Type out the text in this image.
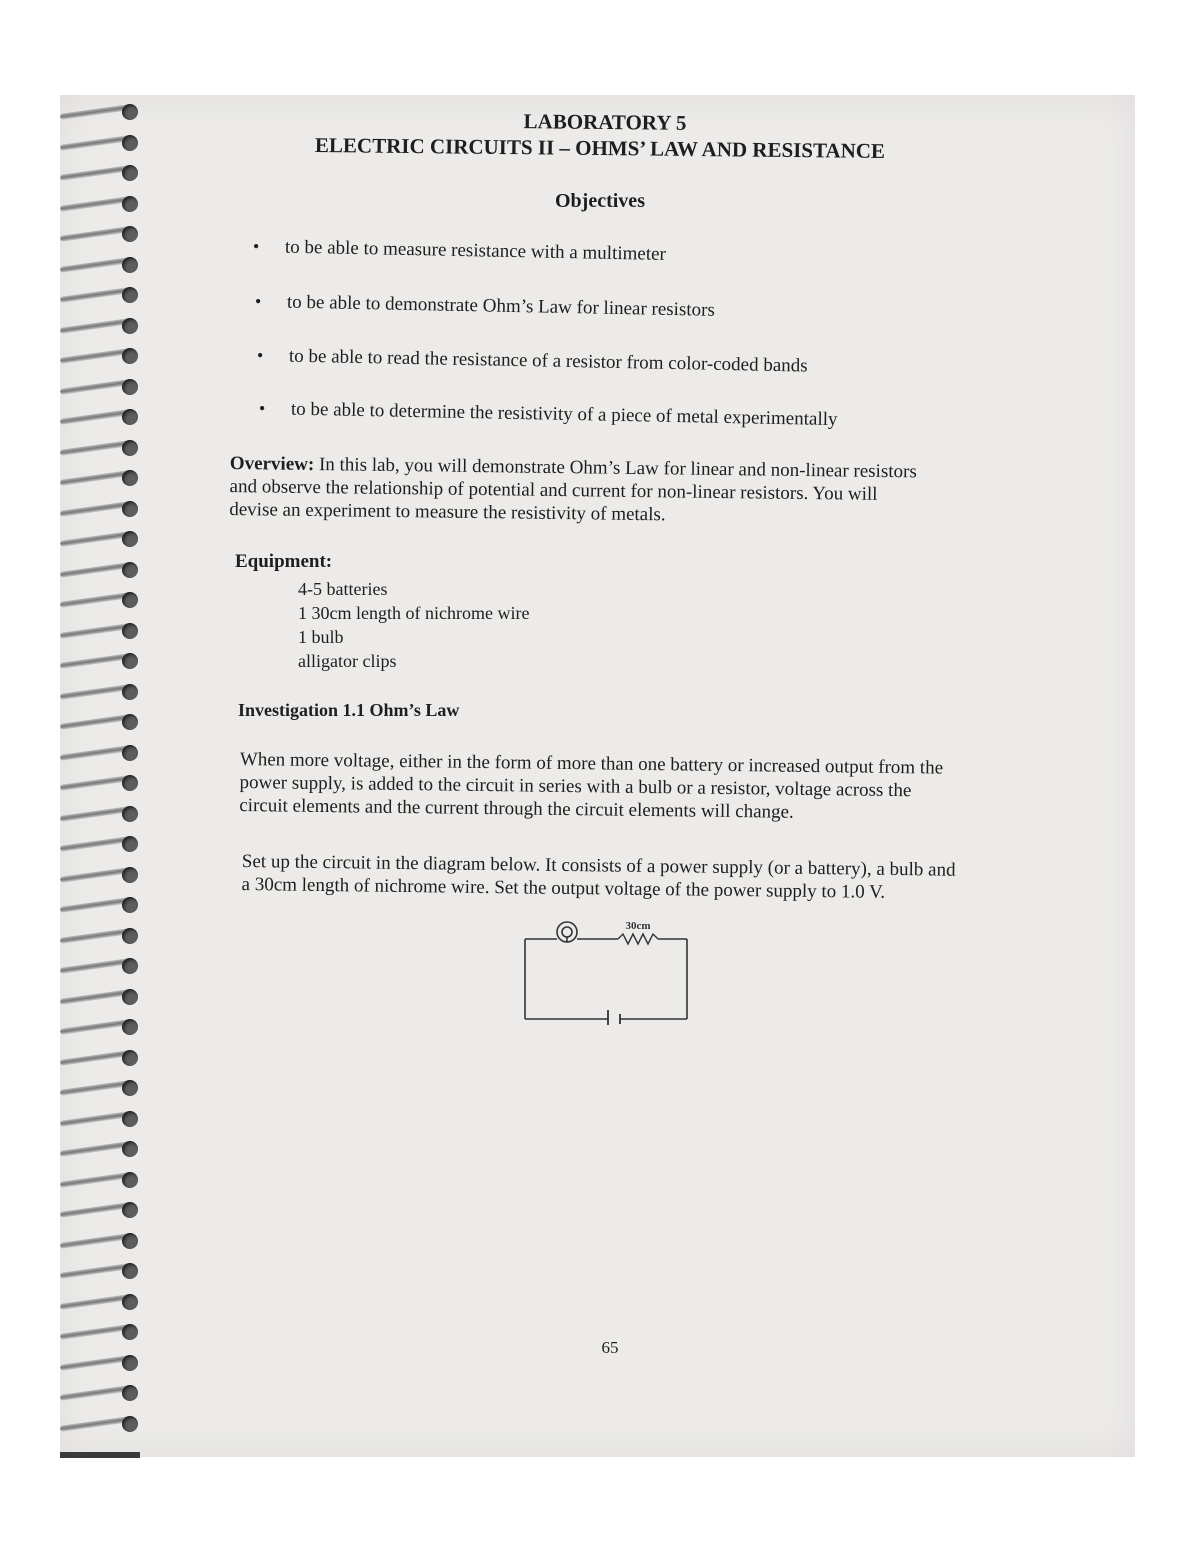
LABORATORY 5
ELECTRIC CIRCUITS II – OHMS’ LAW AND RESISTANCE
Objectives
• to be able to measure resistance with a multimeter
• to be able to demonstrate Ohm’s Law for linear resistors
• to be able to read the resistance of a resistor from color-coded bands
• to be able to determine the resistivity of a piece of metal experimentally
Overview: In this lab, you will demonstrate Ohm’s Law for linear and non-linear resistors and observe the relationship of potential and current for non-linear resistors. You will devise an experiment to measure the resistivity of metals.
Equipment:
4-5 batteries
1 30cm length of nichrome wire
1 bulb
alligator clips
Investigation 1.1 Ohm’s Law
When more voltage, either in the form of more than one battery or increased output from the power supply, is added to the circuit in series with a bulb or a resistor, voltage across the circuit elements and the current through the circuit elements will change.
Set up the circuit in the diagram below. It consists of a power supply (or a battery), a bulb and a 30cm length of nichrome wire. Set the output voltage of the power supply to 1.0 V.
30cm
65
